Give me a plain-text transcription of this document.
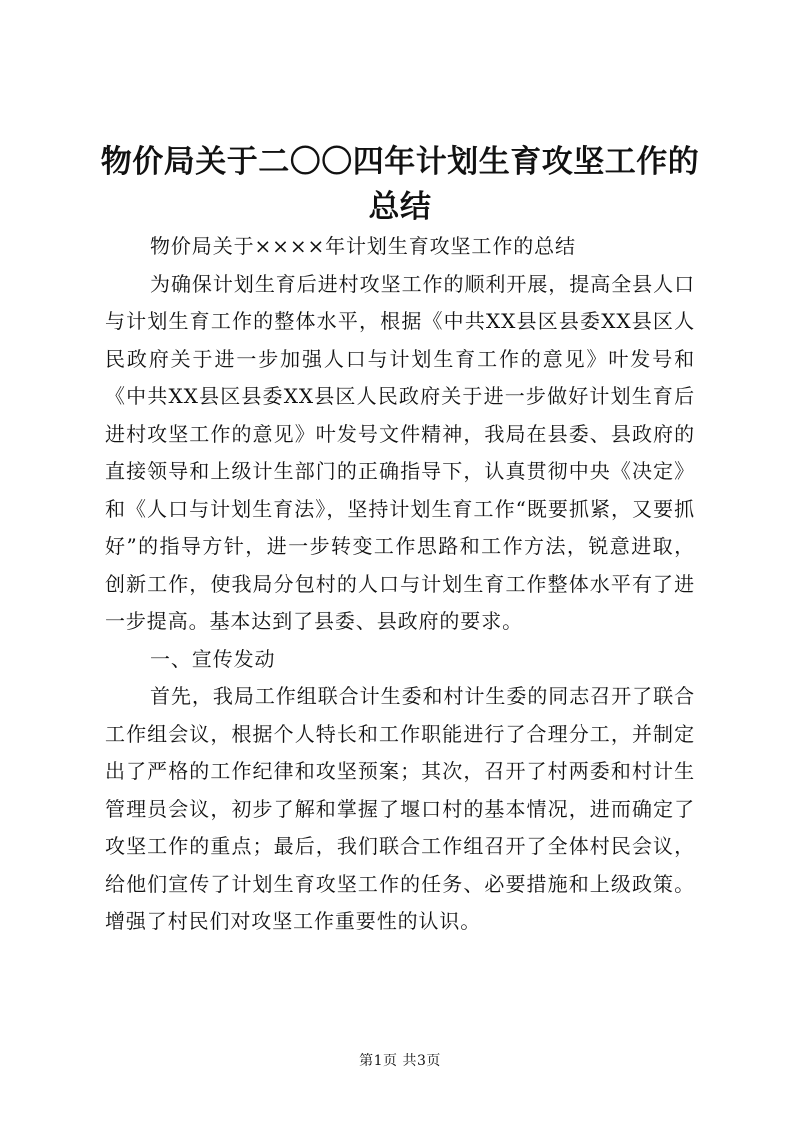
物价局关于二〇〇四年计划生育攻坚工作的总结

物价局关于××××年计划生育攻坚工作的总结

为确保计划生育后进村攻坚工作的顺利开展，提高全县人口与计划生育工作的整体水平，根据《中共XX县区县委XX县区人民政府关于进一步加强人口与计划生育工作的意见》叶发号和《中共XX县区县委XX县区人民政府关于进一步做好计划生育后进村攻坚工作的意见》叶发号文件精神，我局在县委、县政府的直接领导和上级计生部门的正确指导下，认真贯彻中央《决定》和《人口与计划生育法》，坚持计划生育工作“既要抓紧，又要抓好”的指导方针，进一步转变工作思路和工作方法，锐意进取，创新工作，使我局分包村的人口与计划生育工作整体水平有了进一步提高。基本达到了县委、县政府的要求。

一、宣传发动

首先，我局工作组联合计生委和村计生委的同志召开了联合工作组会议，根据个人特长和工作职能进行了合理分工，并制定出了严格的工作纪律和攻坚预案；其次，召开了村两委和村计生管理员会议，初步了解和掌握了堰口村的基本情况，进而确定了攻坚工作的重点；最后，我们联合工作组召开了全体村民会议，给他们宣传了计划生育攻坚工作的任务、必要措施和上级政策。增强了村民们对攻坚工作重要性的认识。

第1页 共3页
